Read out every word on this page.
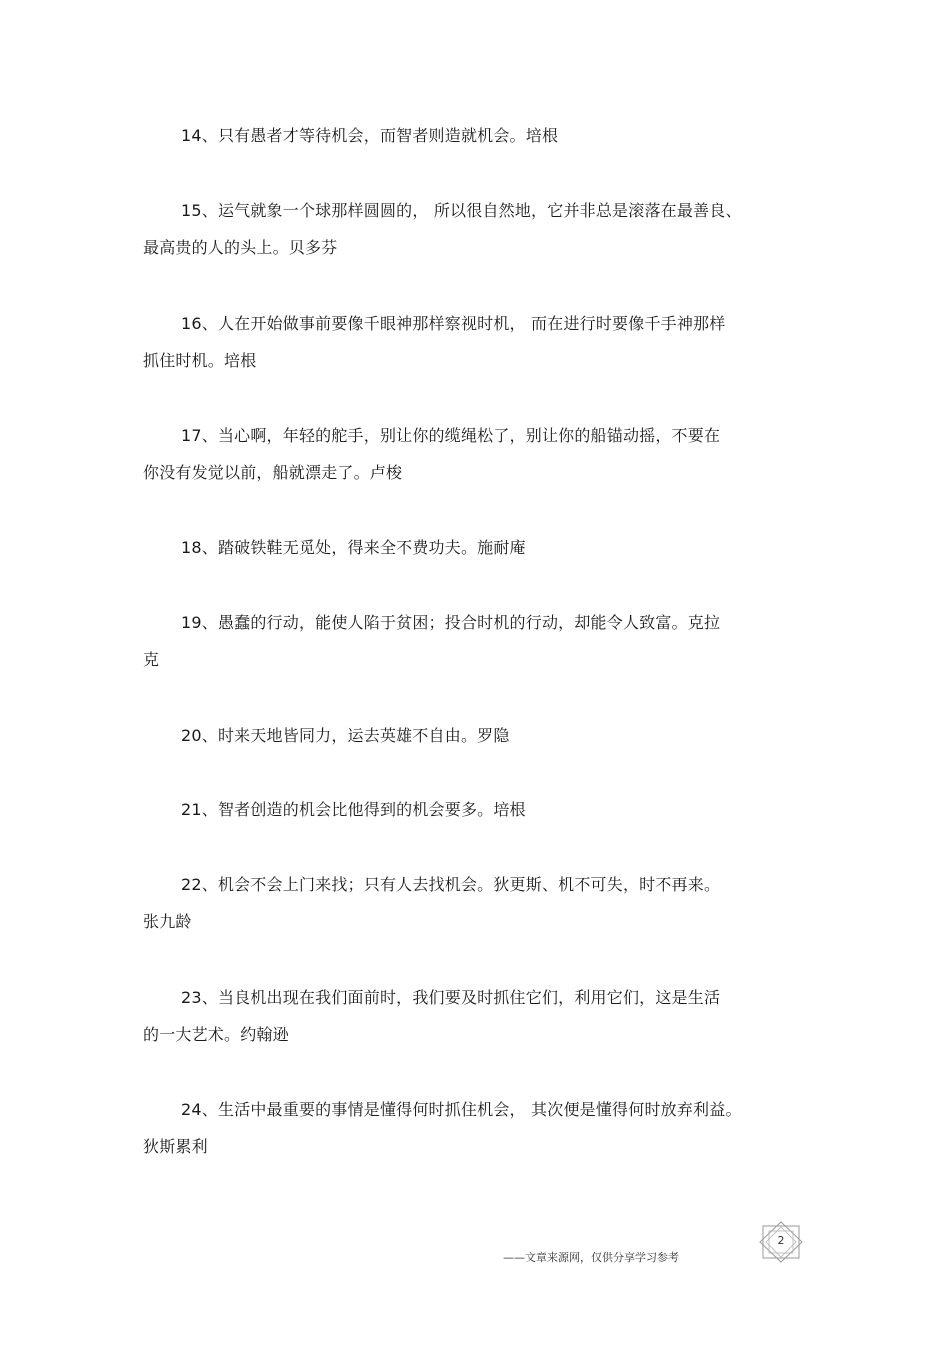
14、只有愚者才等待机会，而智者则造就机会。培根
15、运气就象一个球那样圆圆的， 所以很自然地，它并非总是滚落在最善良、
最高贵的人的头上。贝多芬
16、人在开始做事前要像千眼神那样察视时机， 而在进行时要像千手神那样
抓住时机。培根
17、当心啊，年轻的舵手，别让你的缆绳松了，别让你的船锚动摇，不要在
你没有发觉以前，船就漂走了。卢梭
18、踏破铁鞋无觅处，得来全不费功夫。施耐庵
19、愚蠢的行动，能使人陷于贫困；投合时机的行动，却能令人致富。克拉
克
20、时来天地皆同力，运去英雄不自由。罗隐
21、智者创造的机会比他得到的机会要多。培根
22、机会不会上门来找；只有人去找机会。狄更斯、机不可失，时不再来。
张九龄
23、当良机出现在我们面前时，我们要及时抓住它们，利用它们，这是生活
的一大艺术。约翰逊
24、生活中最重要的事情是懂得何时抓住机会， 其次便是懂得何时放弃利益。
狄斯累利
——文章来源网，仅供分享学习参考
2
